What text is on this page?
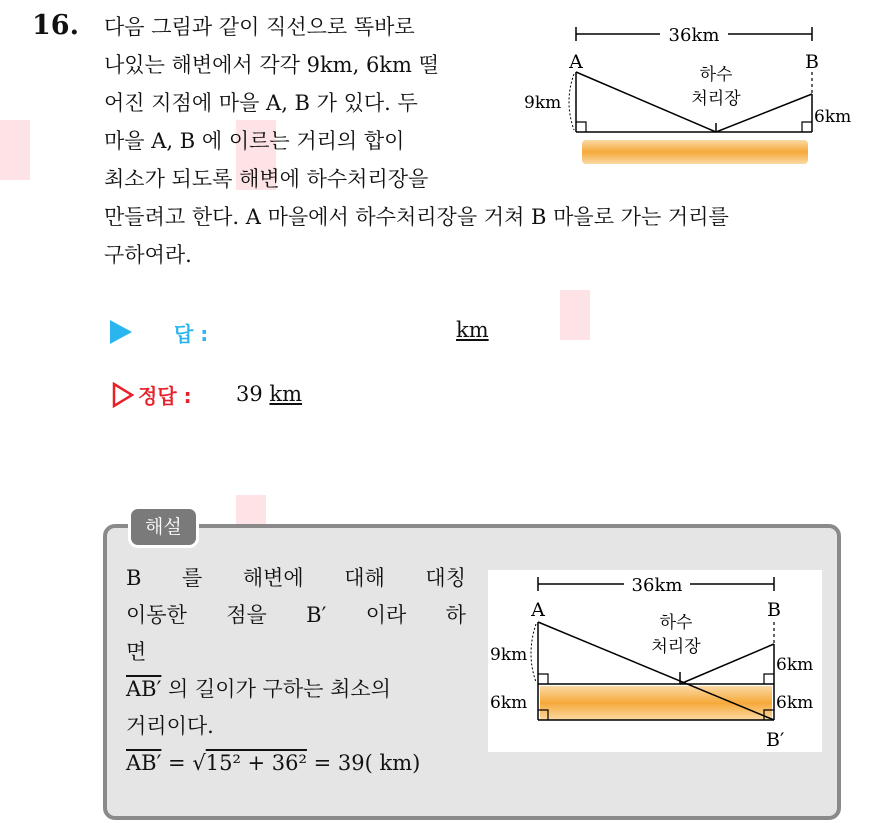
16. 다음 그림과 같이 직선으로 똑바로
나있는 해변에서 각각 9km, 6km 떨
어진 지점에 마을 A, B 가 있다. 두
마을 A, B 에 이르는 거리의 합이
최소가 되도록 해변에 하수처리장을
만들려고 한다. A 마을에서 하수처리장을 거쳐 B 마을로 가는 거리를
구하여라.
36km
A	B
9km
6km
하수
처리장
답 :	km
정답 : 39 km
해설
B 를 해변에 대해 대칭
이동한 점을 B′ 이라 하
면
AB′ 의 길이가 구하는 최소의
거리이다.
AB′ = √15² + 36² = 39( km)
36km
A	B
9km
6km
6km
6km
B′
하수
처리장
